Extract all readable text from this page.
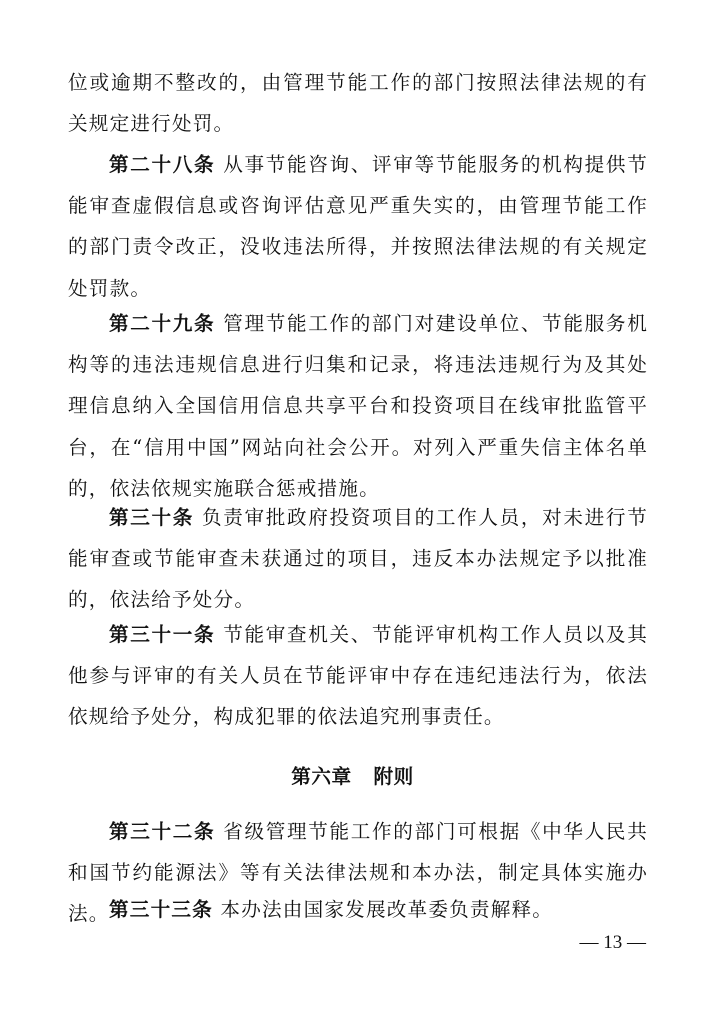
位或逾期不整改的，由管理节能工作的部门按照法律法规的有关规定进行处罚。

第二十八条 从事节能咨询、评审等节能服务的机构提供节能审查虚假信息或咨询评估意见严重失实的，由管理节能工作的部门责令改正，没收违法所得，并按照法律法规的有关规定处罚款。

第二十九条 管理节能工作的部门对建设单位、节能服务机构等的违法违规信息进行归集和记录，将违法违规行为及其处理信息纳入全国信用信息共享平台和投资项目在线审批监管平台，在“信用中国”网站向社会公开。对列入严重失信主体名单的，依法依规实施联合惩戒措施。

第三十条 负责审批政府投资项目的工作人员，对未进行节能审查或节能审查未获通过的项目，违反本办法规定予以批准的，依法给予处分。

第三十一条 节能审查机关、节能评审机构工作人员以及其他参与评审的有关人员在节能评审中存在违纪违法行为，依法依规给予处分，构成犯罪的依法追究刑事责任。

第六章   附则

第三十二条 省级管理节能工作的部门可根据《中华人民共和国节约能源法》等有关法律法规和本办法，制定具体实施办法。 第三十三条 本办法由国家发展改革委负责解释。

— 13 —
